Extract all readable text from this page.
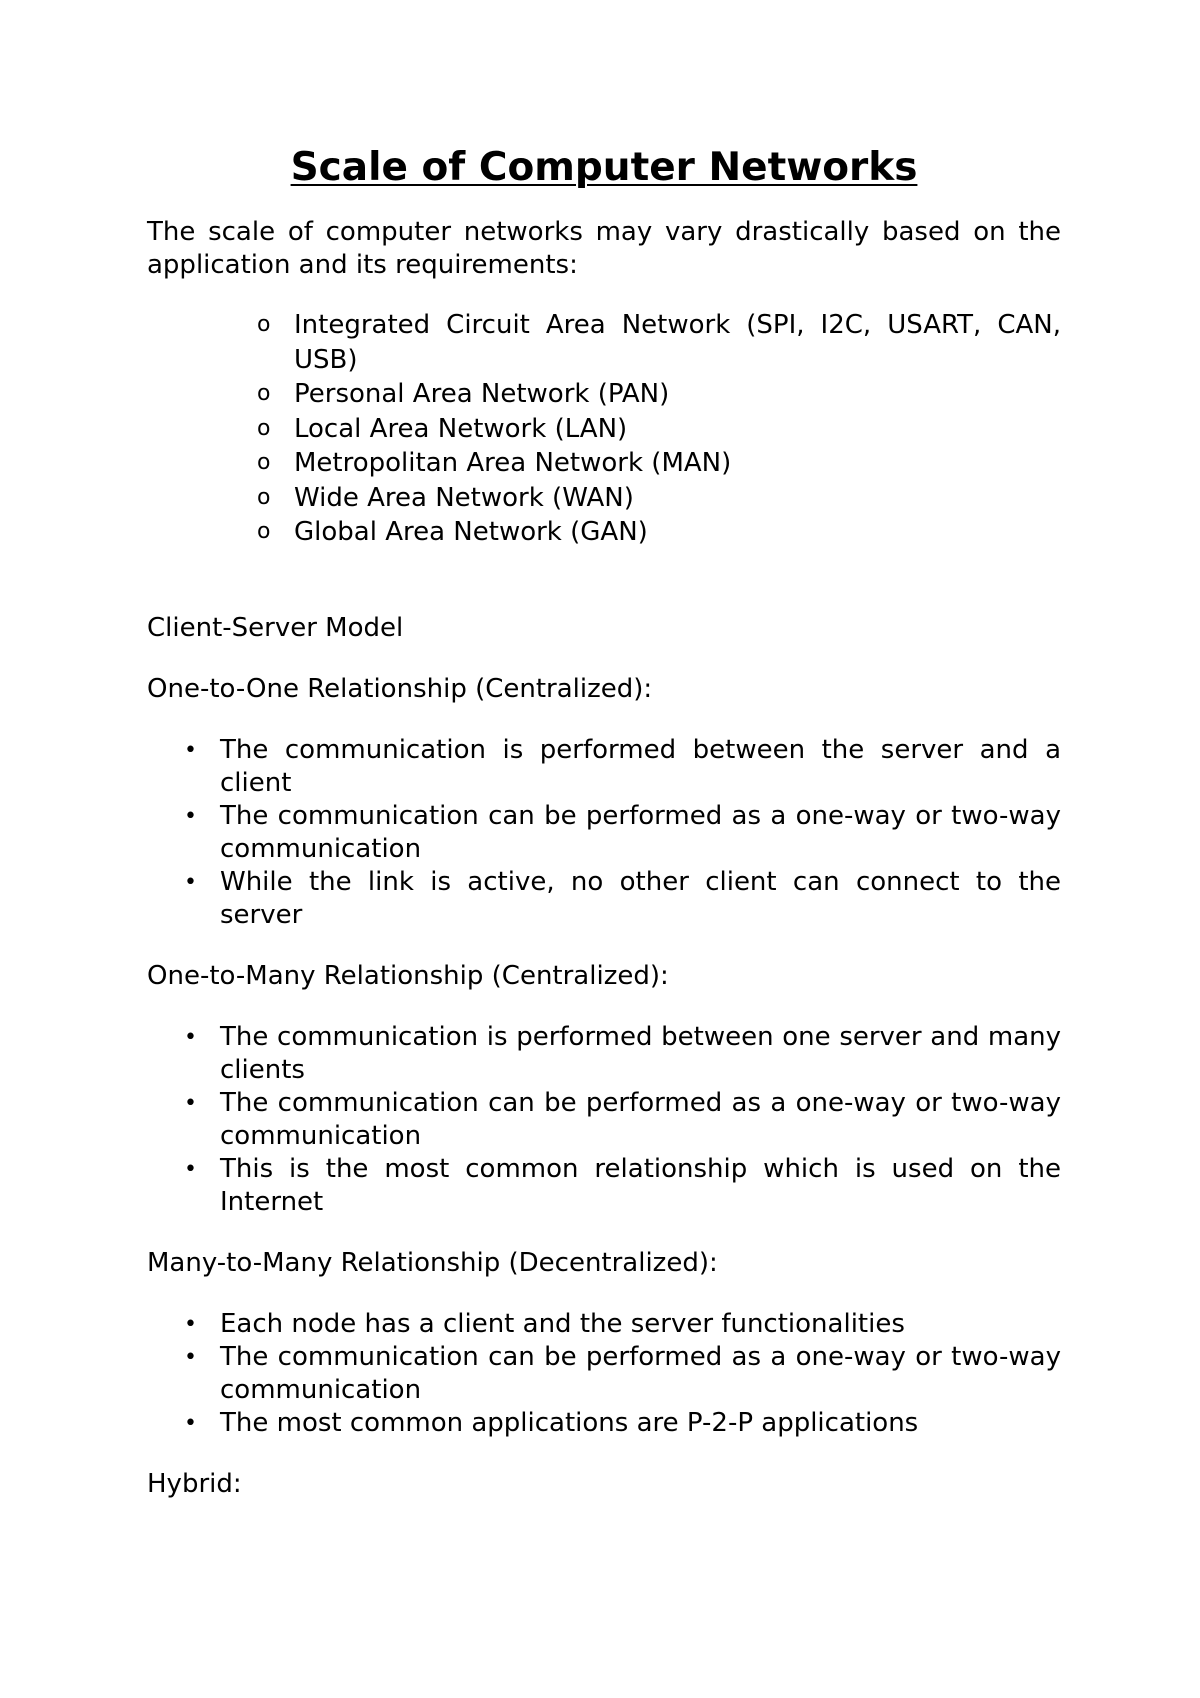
Scale of Computer Networks

The scale of computer networks may vary drastically based on the application and its requirements:

o Integrated Circuit Area Network (SPI, I2C, USART, CAN, USB)
o Personal Area Network (PAN)
o Local Area Network (LAN)
o Metropolitan Area Network (MAN)
o Wide Area Network (WAN)
o Global Area Network (GAN)

Client-Server Model

One-to-One Relationship (Centralized):

• The communication is performed between the server and a client
• The communication can be performed as a one-way or two-way communication
• While the link is active, no other client can connect to the server

One-to-Many Relationship (Centralized):

• The communication is performed between one server and many clients
• The communication can be performed as a one-way or two-way communication
• This is the most common relationship which is used on the Internet

Many-to-Many Relationship (Decentralized):

• Each node has a client and the server functionalities
• The communication can be performed as a one-way or two-way communication
• The most common applications are P-2-P applications

Hybrid:
